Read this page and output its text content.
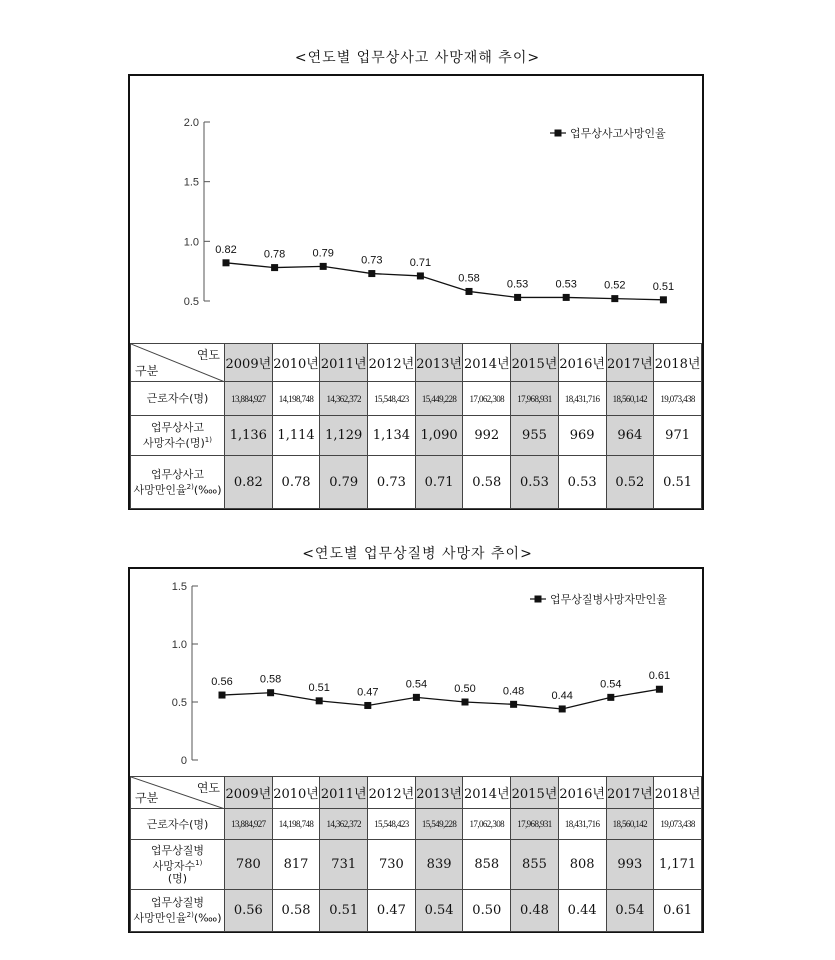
<연도별 업무상사고 사망재해 추이>
2.0
1.5
1.0
0.5
0.82 0.78 0.79
0.73 0.71
0.58 0.53 0.53 0.52 0.51
업무상사고사망인율
연도
구분	2009년	2010년	2011년	2012년	2013년	2014년	2015년	2016년	2017년	2018년
근로자수(명)	13,884,927	14,198,748	14,362,372	15,548,423	15,449,228	17,062,308	17,968,931	18,431,716	18,560,142	19,073,438
업무상사고
사망자수(명)$^{1)}$	1,136	1,114	1,129	1,134	1,090	992	955	969	964	971
업무상사고
사망만인율$^{2)}$(‱)	0.82	0.78	0.79	0.73	0.71	0.58	0.53	0.53	0.52	0.51
<연도별 업무상질병 사망자 추이>
1.5
1.0
0.5
0
0.56 0.58
0.51 0.47
0.54 0.50 0.48 0.44
0.54
0.61
업무상질병사망자만인율
연도
구분	2009년	2010년	2011년	2012년	2013년	2014년	2015년	2016년	2017년	2018년
근로자수(명)	13,884,927	14,198,748	14,362,372	15,548,423	15,549,228	17,062,308	17,968,931	18,431,716	18,560,142	19,073,438
업무상질병
사망자수$^{1)}$
(명)	780	817	731	730	839	858	855	808	993	1,171
업무상질병
사망만인율$^{2)}$(‱)	0.56	0.58	0.51	0.47	0.54	0.50	0.48	0.44	0.54	0.61
